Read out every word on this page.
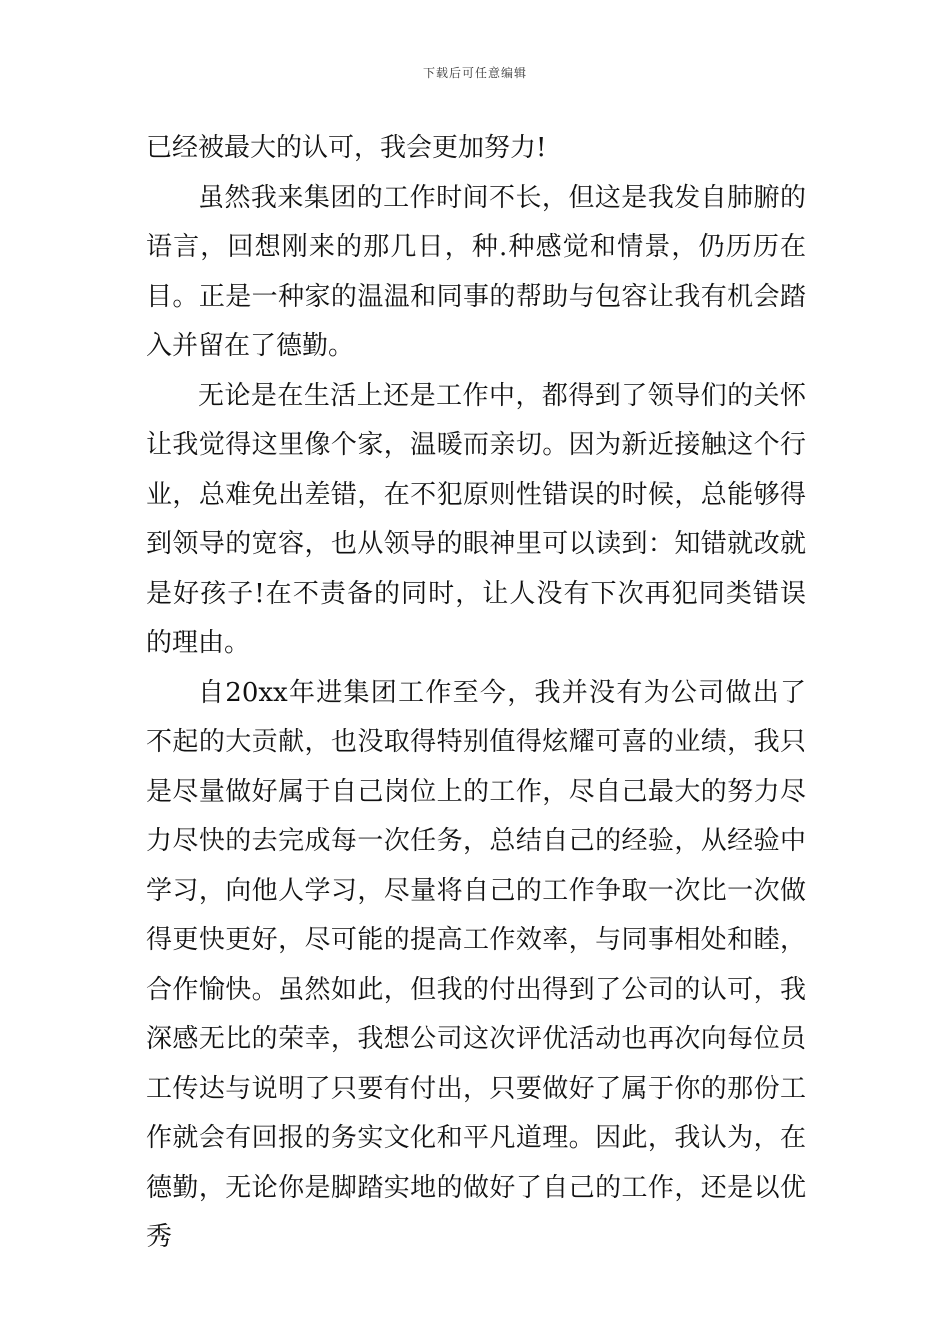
下载后可任意编辑

已经被最大的认可，我会更加努力!

虽然我来集团的工作时间不长，但这是我发自肺腑的语言，回想刚来的那几日，种.种感觉和情景，仍历历在目。正是一种家的温温和同事的帮助与包容让我有机会踏入并留在了德勤。

无论是在生活上还是工作中，都得到了领导们的关怀让我觉得这里像个家，温暖而亲切。因为新近接触这个行业，总难免出差错，在不犯原则性错误的时候，总能够得到领导的宽容，也从领导的眼神里可以读到：知错就改就是好孩子!在不责备的同时，让人没有下次再犯同类错误的理由。

自20xx年进集团工作至今，我并没有为公司做出了不起的大贡献，也没取得特别值得炫耀可喜的业绩，我只是尽量做好属于自己岗位上的工作，尽自己最大的努力尽力尽快的去完成每一次任务，总结自己的经验，从经验中学习，向他人学习，尽量将自己的工作争取一次比一次做得更快更好，尽可能的提高工作效率，与同事相处和睦，合作愉快。虽然如此，但我的付出得到了公司的认可，我深感无比的荣幸，我想公司这次评优活动也再次向每位员工传达与说明了只要有付出，只要做好了属于你的那份工作就会有回报的务实文化和平凡道理。因此，我认为，在德勤，无论你是脚踏实地的做好了自己的工作，还是以优秀
